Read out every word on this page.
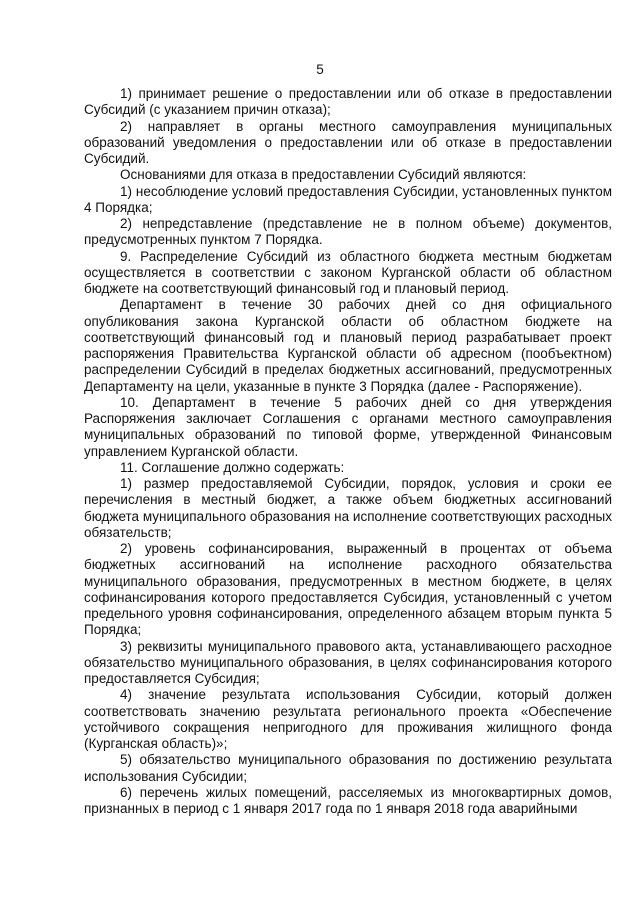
5

1) принимает решение о предоставлении или об отказе в предоставлении Субсидий (с указанием причин отказа);

2) направляет в органы местного самоуправления муниципальных образований уведомления о предоставлении или об отказе в предоставлении Субсидий.

Основаниями для отказа в предоставлении Субсидий являются:

1) несоблюдение условий предоставления Субсидии, установленных пунктом 4 Порядка;

2) непредставление (представление не в полном объеме) документов, предусмотренных пунктом 7 Порядка.

9. Распределение Субсидий из областного бюджета местным бюджетам осуществляется в соответствии с законом Курганской области об областном бюджете на соответствующий финансовый год и плановый период.

Департамент в течение 30 рабочих дней со дня официального опубликования закона Курганской области об областном бюджете на соответствующий финансовый год и плановый период разрабатывает проект распоряжения Правительства Курганской области об адресном (пообъектном) распределении Субсидий в пределах бюджетных ассигнований, предусмотренных Департаменту на цели, указанные в пункте 3 Порядка (далее - Распоряжение).

10. Департамент в течение 5 рабочих дней со дня утверждения Распоряжения заключает Соглашения с органами местного самоуправления муниципальных образований по типовой форме, утвержденной Финансовым управлением Курганской области.

11. Соглашение должно содержать:

1) размер предоставляемой Субсидии, порядок, условия и сроки ее перечисления в местный бюджет, а также объем бюджетных ассигнований бюджета муниципального образования на исполнение соответствующих расходных обязательств;

2) уровень софинансирования, выраженный в процентах от объема бюджетных ассигнований на исполнение расходного обязательства муниципального образования, предусмотренных в местном бюджете, в целях софинансирования которого предоставляется Субсидия, установленный с учетом предельного уровня софинансирования, определенного абзацем вторым пункта 5 Порядка;

3) реквизиты муниципального правового акта, устанавливающего расходное обязательство муниципального образования, в целях софинансирования которого предоставляется Субсидия;

4) значение результата использования Субсидии, который должен соответствовать значению результата регионального проекта «Обеспечение устойчивого сокращения непригодного для проживания жилищного фонда (Курганская область)»;

5) обязательство муниципального образования по достижению результата использования Субсидии;

6) перечень жилых помещений, расселяемых из многоквартирных домов, признанных в период с 1 января 2017 года по 1 января 2018 года аварийными
